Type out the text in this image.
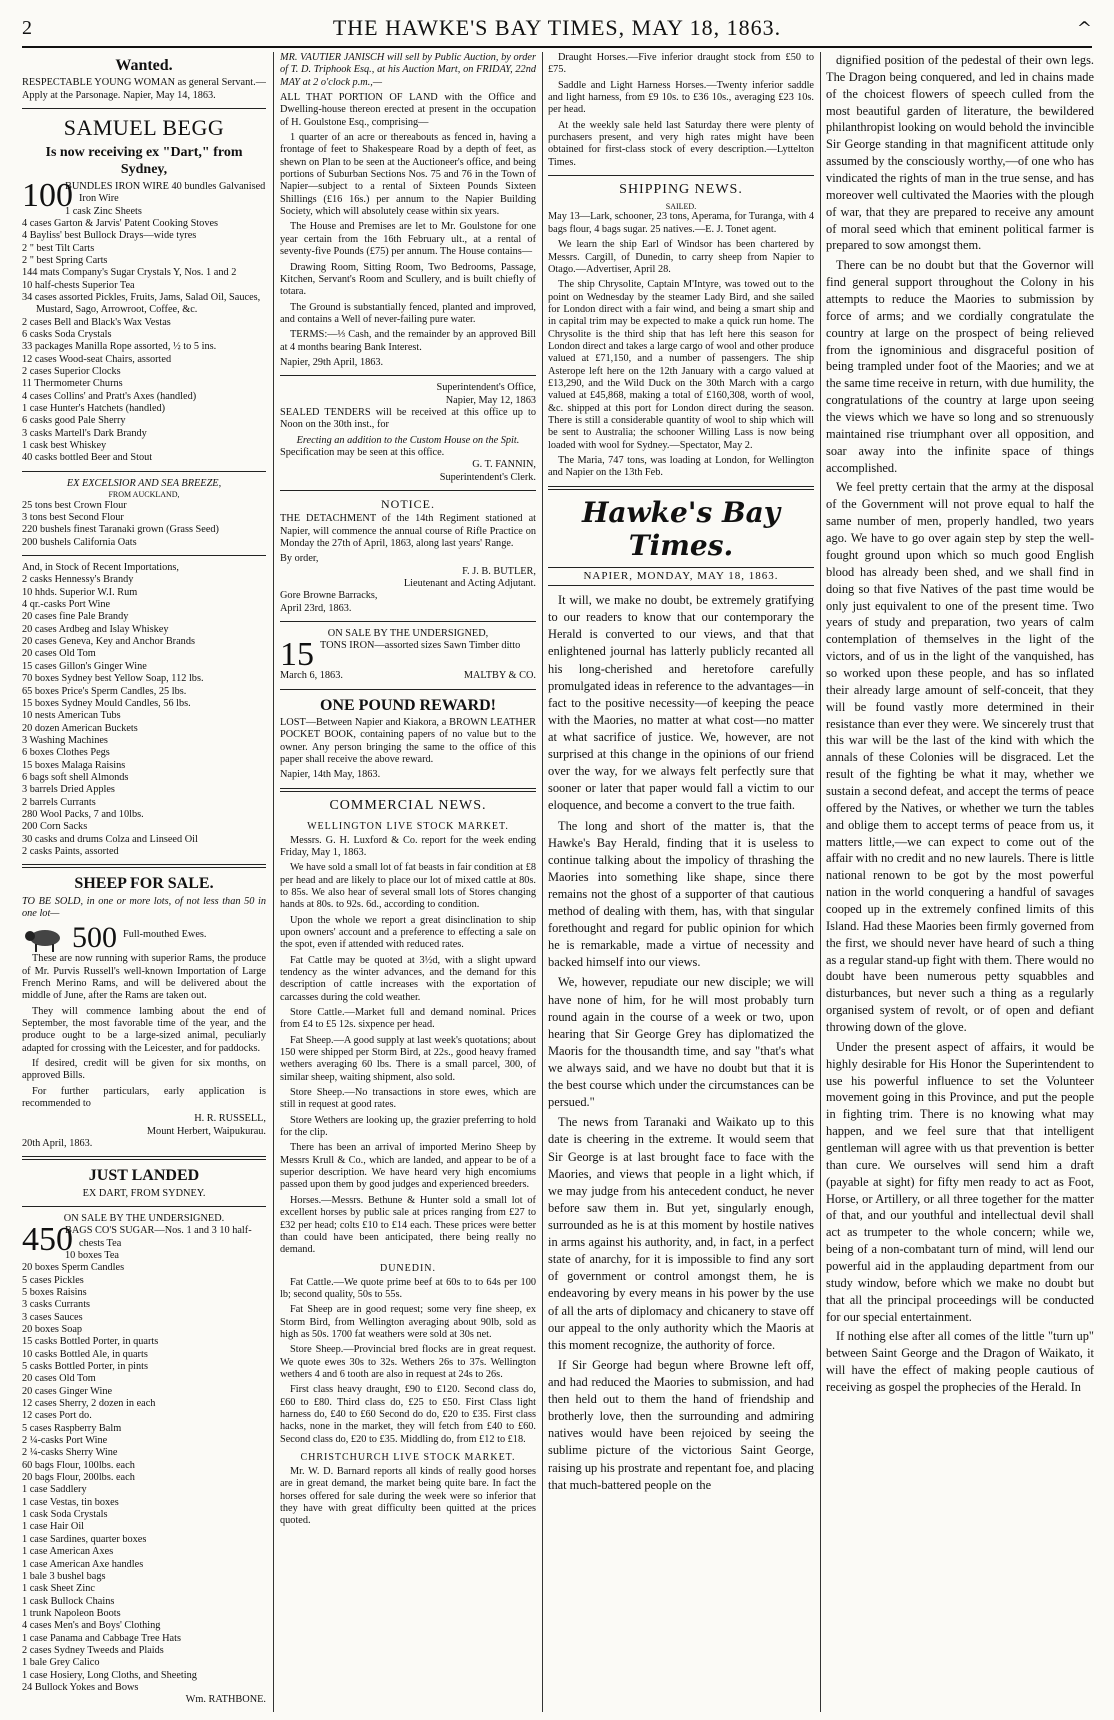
2	THE HAWKE'S BAY TIMES, MAY 18, 1863.	^
Wanted.

RESPECTABLE YOUNG WOMAN as general Servant.—Apply at the Parsonage. Napier, May 14, 1863.

SAMUEL BEGG
Is now receiving ex "Dart," from Sydney,
100
BUNDLES IRON WIRE 40 bundles Galvanised Iron Wire
1 cask Zinc Sheets
4 cases Garton & Jarvis' Patent Cooking Stoves
4 Bayliss' best Bullock Drays—wide tyres
2 " best Tilt Carts
2 " best Spring Carts
144 mats Company's Sugar Crystals Y, Nos. 1 and 2
10 half-chests Superior Tea
34 cases assorted Pickles, Fruits, Jams, Salad Oil, Sauces, Mustard, Sago, Arrowroot, Coffee, &c.
2 cases Bell and Black's Wax Vestas
6 casks Soda Crystals
33 packages Manilla Rope assorted, ½ to 5 ins.
12 cases Wood-seat Chairs, assorted
2 cases Superior Clocks
11 Thermometer Churns
4 cases Collins' and Pratt's Axes (handled)
1 case Hunter's Hatchets (handled)
6 casks good Pale Sherry
3 casks Martell's Dark Brandy
1 cask best Whiskey
40 casks bottled Beer and Stout
EX EXCELSIOR AND SEA BREEZE,
FROM AUCKLAND,
25 tons best Crown Flour
3 tons best Second Flour
220 bushels finest Taranaki grown (Grass Seed)
200 bushels California Oats
And, in Stock of Recent Importations,
2 casks Hennessy's Brandy
10 hhds. Superior W.I. Rum
4 qr.-casks Port Wine
20 cases fine Pale Brandy
20 cases Ardbeg and Islay Whiskey
20 cases Geneva, Key and Anchor Brands
20 cases Old Tom
15 cases Gillon's Ginger Wine
70 boxes Sydney best Yellow Soap, 112 lbs.
65 boxes Price's Sperm Candles, 25 lbs.
15 boxes Sydney Mould Candles, 56 lbs.
10 nests American Tubs
20 dozen American Buckets
3 Washing Machines
6 boxes Clothes Pegs
15 boxes Malaga Raisins
6 bags soft shell Almonds
3 barrels Dried Apples
2 barrels Currants
280 Wool Packs, 7 and 10lbs.
200 Corn Sacks
30 casks and drums Colza and Linseed Oil
2 casks Paints, assorted
SHEEP FOR SALE.

TO BE SOLD, in one or more lots, of not less than 50 in one lot—

500 Full-mouthed Ewes.

These are now running with superior Rams, the produce of Mr. Purvis Russell's well-known Importation of Large French Merino Rams, and will be delivered about the middle of June, after the Rams are taken out.

They will commence lambing about the end of September, the most favorable time of the year, and the produce ought to be a large-sized animal, peculiarly adapted for crossing with the Leicester, and for paddocks.

If desired, credit will be given for six months, on approved Bills.

For further particulars, early application is recommended to

H. R. RUSSELL,
Mount Herbert, Waipukurau.
20th April, 1863.
JUST LANDED
EX DART, FROM SYDNEY.
ON SALE BY THE UNDERSIGNED.
450
BAGS CO'S SUGAR—Nos. 1 and 3 10 half-chests Tea
10 boxes Tea
20 boxes Sperm Candles
5 cases Pickles
5 boxes Raisins
3 casks Currants
3 cases Sauces
20 boxes Soap
15 casks Bottled Porter, in quarts
10 casks Bottled Ale, in quarts
5 casks Bottled Porter, in pints
20 cases Old Tom
20 cases Ginger Wine
12 cases Sherry, 2 dozen in each
12 cases Port do.
5 cases Raspberry Balm
2 ¼-casks Port Wine
2 ¼-casks Sherry Wine
60 bags Flour, 100lbs. each
20 bags Flour, 200lbs. each
1 case Saddlery
1 case Vestas, tin boxes
1 cask Soda Crystals
1 case Hair Oil
1 case Sardines, quarter boxes
1 case American Axes
1 case American Axe handles
1 bale 3 bushel bags
1 cask Sheet Zinc
1 cask Bullock Chains
1 trunk Napoleon Boots
4 cases Men's and Boys' Clothing
1 case Panama and Cabbage Tree Hats
2 cases Sydney Tweeds and Plaids
1 bale Grey Calico
1 case Hosiery, Long Cloths, and Sheeting
24 Bullock Yokes and Bows
Wm. RATHBONE.

MR. VAUTIER JANISCH will sell by Public Auction, by order of T. D. Triphook Esq., at his Auction Mart, on FRIDAY, 22nd MAY at 2 o'clock p.m.,—

ALL THAT PORTION OF LAND with the Office and Dwelling-house thereon erected at present in the occupation of H. Goulstone Esq., comprising—

1 quarter of an acre or thereabouts as fenced in, having a frontage of feet to Shakespeare Road by a depth of feet, as shewn on Plan to be seen at the Auctioneer's office, and being portions of Suburban Sections Nos. 75 and 76 in the Town of Napier—subject to a rental of Sixteen Pounds Sixteen Shillings (£16 16s.) per annum to the Napier Building Society, which will absolutely cease within six years.

The House and Premises are let to Mr. Goulstone for one year certain from the 16th February ult., at a rental of seventy-five Pounds (£75) per annum. The House contains—

Drawing Room, Sitting Room, Two Bedrooms, Passage, Kitchen, Servant's Room and Scullery, and is built chiefly of totara.

The Ground is substantially fenced, planted and improved, and contains a Well of never-failing pure water.

TERMS:—⅓ Cash, and the remainder by an approved Bill at 4 months bearing Bank Interest.

Napier, 29th April, 1863.
Superintendent's Office,
Napier, May 12, 1863

SEALED TENDERS will be received at this office up to Noon on the 30th inst., for

Erecting an addition to the Custom House on the Spit.
Specification may be seen at this office.
G. T. FANNIN,
Superintendent's Clerk.
NOTICE.

THE DETACHMENT of the 14th Regiment stationed at Napier, will commence the annual course of Rifle Practice on Monday the 27th of April, 1863, along last years' Range.

By order,
F. J. B. BUTLER,
Lieutenant and Acting Adjutant.
Gore Browne Barracks,
April 23rd, 1863.
ON SALE BY THE UNDERSIGNED,
15 TONS IRON—assorted sizes Sawn Timber ditto
March 6, 1863.	MALTBY & CO.
ONE POUND REWARD!

LOST—Between Napier and Kiakora, a BROWN LEATHER POCKET BOOK, containing papers of no value but to the owner. Any person bringing the same to the office of this paper shall receive the above reward.

Napier, 14th May, 1863.
COMMERCIAL NEWS.
WELLINGTON LIVE STOCK MARKET.

Messrs. G. H. Luxford & Co. report for the week ending Friday, May 1, 1863.

We have sold a small lot of fat beasts in fair condition at £8 per head and are likely to place our lot of mixed cattle at 80s. to 85s. We also hear of several small lots of Stores changing hands at 80s. to 92s. 6d., according to condition.

Upon the whole we report a great disinclination to ship upon owners' account and a preference to effecting a sale on the spot, even if attended with reduced rates.

Fat Cattle may be quoted at 3½d, with a slight upward tendency as the winter advances, and the demand for this description of cattle increases with the exportation of carcasses during the cold weather.

Store Cattle.—Market full and demand nominal. Prices from £4 to £5 12s. sixpence per head.

Fat Sheep.—A good supply at last week's quotations; about 150 were shipped per Storm Bird, at 22s., good heavy framed wethers averaging 60 lbs. There is a small parcel, 300, of similar sheep, waiting shipment, also sold.

Store Sheep.—No transactions in store ewes, which are still in request at good rates.

Store Wethers are looking up, the grazier preferring to hold for the clip.

There has been an arrival of imported Merino Sheep by Messrs Krull & Co., which are landed, and appear to be of a superior description. We have heard very high encomiums passed upon them by good judges and experienced breeders.

Horses.—Messrs. Bethune & Hunter sold a small lot of excellent horses by public sale at prices ranging from £27 to £32 per head; colts £10 to £14 each. These prices were better than could have been anticipated, there being really no demand.

DUNEDIN.

Fat Cattle.—We quote prime beef at 60s to to 64s per 100 lb; second quality, 50s to 55s.

Fat Sheep are in good request; some very fine sheep, ex Storm Bird, from Wellington averaging about 90lb, sold as high as 50s. 1700 fat weathers were sold at 30s net.

Store Sheep.—Provincial bred flocks are in great request. We quote ewes 30s to 32s. Wethers 26s to 37s. Wellington wethers 4 and 6 tooth are also in request at 24s to 26s.

First class heavy draught, £90 to £120. Second class do, £60 to £80. Third class do, £25 to £50. First Class light harness do, £40 to £60 Second do do, £20 to £35. First class hacks, none in the market, they will fetch from £40 to £60. Second class do, £20 to £35. Middling do, from £12 to £18.

CHRISTCHURCH LIVE STOCK MARKET.

Mr. W. D. Barnard reports all kinds of really good horses are in great demand, the market being quite bare. In fact the horses offered for sale during the week were so inferior that they have with great difficulty been quitted at the prices quoted.

Draught Horses.—Five inferior draught stock from £50 to £75.

Saddle and Light Harness Horses.—Twenty inferior saddle and light harness, from £9 10s. to £36 10s., averaging £23 10s. per head.

At the weekly sale held last Saturday there were plenty of purchasers present, and very high rates might have been obtained for first-class stock of every description.—Lyttelton Times.

SHIPPING NEWS.
SAILED.

May 13—Lark, schooner, 23 tons, Aperama, for Turanga, with 4 bags flour, 4 bags sugar. 25 natives.—E. J. Tonet agent.

We learn the ship Earl of Windsor has been chartered by Messrs. Cargill, of Dunedin, to carry sheep from Napier to Otago.—Advertiser, April 28.

The ship Chrysolite, Captain M'Intyre, was towed out to the point on Wednesday by the steamer Lady Bird, and she sailed for London direct with a fair wind, and being a smart ship and in capital trim may be expected to make a quick run home. The Chrysolite is the third ship that has left here this season for London direct and takes a large cargo of wool and other produce valued at £71,150, and a number of passengers. The ship Asterope left here on the 12th January with a cargo valued at £13,290, and the Wild Duck on the 30th March with a cargo valued at £45,868, making a total of £160,308, worth of wool, &c. shipped at this port for London direct during the season. There is still a considerable quantity of wool to ship which will be sent to Australia; the schooner Willing Lass is now being loaded with wool for Sydney.—Spectator, May 2.

The Maria, 747 tons, was loading at London, for Wellington and Napier on the 13th Feb.

Hawke's Bay Times.
NAPIER, MONDAY, MAY 18, 1863.

It will, we make no doubt, be extremely gratifying to our readers to know that our contemporary the Herald is converted to our views, and that that enlightened journal has latterly publicly recanted all his long-cherished and heretofore carefully promulgated ideas in reference to the advantages—in fact to the positive necessity—of keeping the peace with the Maories, no matter at what cost—no matter at what sacrifice of justice. We, however, are not surprised at this change in the opinions of our friend over the way, for we always felt perfectly sure that sooner or later that paper would fall a victim to our eloquence, and become a convert to the true faith.

The long and short of the matter is, that the Hawke's Bay Herald, finding that it is useless to continue talking about the impolicy of thrashing the Maories into something like shape, since there remains not the ghost of a supporter of that cautious method of dealing with them, has, with that singular forethought and regard for public opinion for which he is remarkable, made a virtue of necessity and backed himself into our views.

We, however, repudiate our new disciple; we will have none of him, for he will most probably turn round again in the course of a week or two, upon hearing that Sir George Grey has diplomatized the Maoris for the thousandth time, and say "that's what we always said, and we have no doubt but that it is the best course which under the circumstances can be persued."

The news from Taranaki and Waikato up to this date is cheering in the extreme. It would seem that Sir George is at last brought face to face with the Maories, and views that people in a light which, if we may judge from his antecedent conduct, he never before saw them in. But yet, singularly enough, surrounded as he is at this moment by hostile natives in arms against his authority, and, in fact, in a perfect state of anarchy, for it is impossible to find any sort of government or control amongst them, he is endeavoring by every means in his power by the use of all the arts of diplomacy and chicanery to stave off our appeal to the only authority which the Maoris at this moment recognize, the authority of force.

If Sir George had begun where Browne left off, and had reduced the Maories to submission, and had then held out to them the hand of friendship and brotherly love, then the surrounding and admiring natives would have been rejoiced by seeing the sublime picture of the victorious Saint George, raising up his prostrate and repentant foe, and placing that much-battered people on the

dignified position of the pedestal of their own legs. The Dragon being conquered, and led in chains made of the choicest flowers of speech culled from the most beautiful garden of literature, the bewildered philanthropist looking on would behold the invincible Sir George standing in that magnificent attitude only assumed by the consciously worthy,—of one who has vindicated the rights of man in the true sense, and has moreover well cultivated the Maories with the plough of war, that they are prepared to receive any amount of moral seed which that eminent political farmer is prepared to sow amongst them.

There can be no doubt but that the Governor will find general support throughout the Colony in his attempts to reduce the Maories to submission by force of arms; and we cordially congratulate the country at large on the prospect of being relieved from the ignominious and disgraceful position of being trampled under foot of the Maories; and we at the same time receive in return, with due humility, the congratulations of the country at large upon seeing the views which we have so long and so strenuously maintained rise triumphant over all opposition, and soar away into the infinite space of things accomplished.

We feel pretty certain that the army at the disposal of the Government will not prove equal to half the same number of men, properly handled, two years ago. We have to go over again step by step the well-fought ground upon which so much good English blood has already been shed, and we shall find in doing so that five Natives of the past time would be only just equivalent to one of the present time. Two years of study and preparation, two years of calm contemplation of themselves in the light of the victors, and of us in the light of the vanquished, has so worked upon these people, and has so inflated their already large amount of self-conceit, that they will be found vastly more determined in their resistance than ever they were. We sincerely trust that this war will be the last of the kind with which the annals of these Colonies will be disgraced. Let the result of the fighting be what it may, whether we sustain a second defeat, and accept the terms of peace offered by the Natives, or whether we turn the tables and oblige them to accept terms of peace from us, it matters little,—we can expect to come out of the affair with no credit and no new laurels. There is little national renown to be got by the most powerful nation in the world conquering a handful of savages cooped up in the extremely confined limits of this Island. Had these Maories been firmly governed from the first, we should never have heard of such a thing as a regular stand-up fight with them. There would no doubt have been numerous petty squabbles and disturbances, but never such a thing as a regularly organised system of revolt, or of open and defiant throwing down of the glove.

Under the present aspect of affairs, it would be highly desirable for His Honor the Superintendent to use his powerful influence to set the Volunteer movement going in this Province, and put the people in fighting trim. There is no knowing what may happen, and we feel sure that that intelligent gentleman will agree with us that prevention is better than cure. We ourselves will send him a draft (payable at sight) for fifty men ready to act as Foot, Horse, or Artillery, or all three together for the matter of that, and our youthful and intellectual devil shall act as trumpeter to the whole concern; while we, being of a non-combatant turn of mind, will lend our powerful aid in the applauding department from our study window, before which we make no doubt but that all the principal proceedings will be conducted for our special entertainment.

If nothing else after all comes of the little "turn up" between Saint George and the Dragon of Waikato, it will have the effect of making people cautious of receiving as gospel the prophecies of the Herald. In
